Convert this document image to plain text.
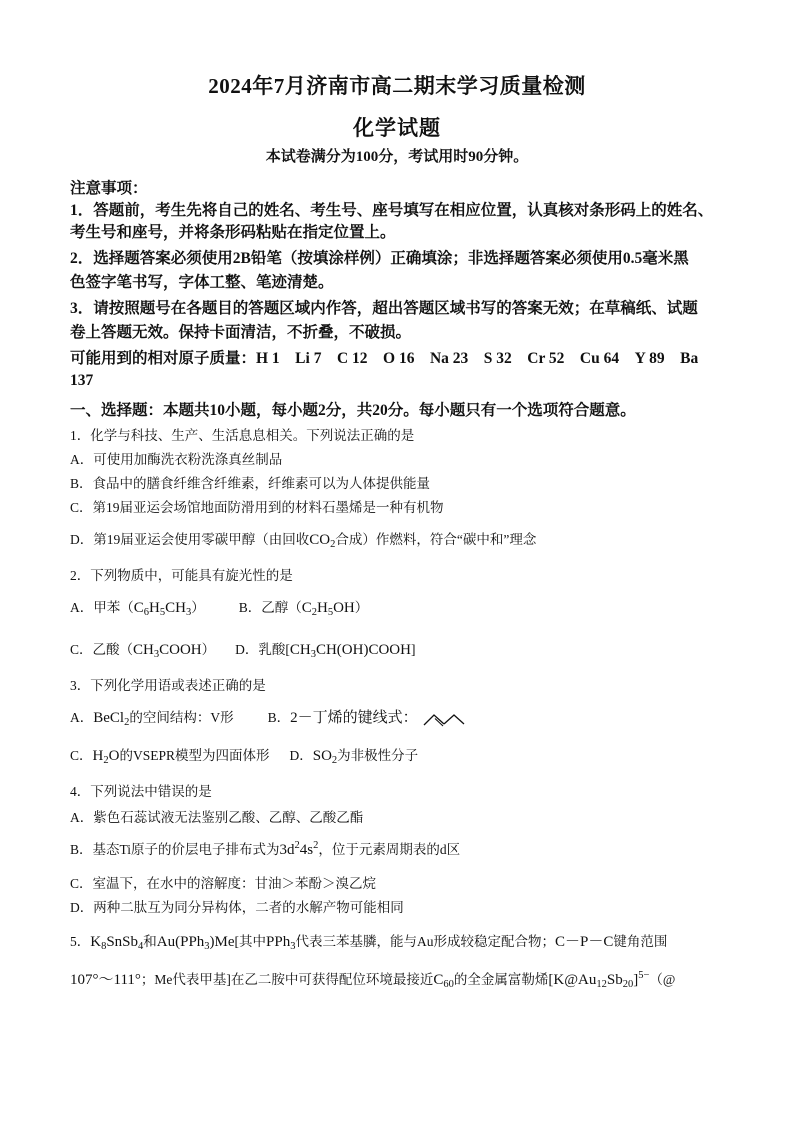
2024年7月济南市高二期末学习质量检测
化学试题
本试卷满分为100分，考试用时90分钟。
注意事项：
1．答题前，考生先将自己的姓名、考生号、座号填写在相应位置，认真核对条形码上的姓名、
考生号和座号，并将条形码粘贴在指定位置上。
2．选择题答案必须使用2B铅笔（按填涂样例）正确填涂；非选择题答案必须使用0.5毫米黑
色签字笔书写，字体工整、笔迹清楚。
3．请按照题号在各题目的答题区域内作答，超出答题区域书写的答案无效；在草稿纸、试题
卷上答题无效。保持卡面清洁，不折叠，不破损。
可能用到的相对原子质量：H 1　Li 7　C 12　O 16　Na 23　S 32　Cr 52　Cu 64　Y 89　Ba
137
一、选择题：本题共10小题，每小题2分，共20分。每小题只有一个选项符合题意。
1．化学与科技、生产、生活息息相关。下列说法正确的是
A．可使用加酶洗衣粉洗涤真丝制品
B．食品中的膳食纤维含纤维素，纤维素可以为人体提供能量
C．第19届亚运会场馆地面防滑用到的材料石墨烯是一种有机物
D．第19届亚运会使用零碳甲醇（由回收$CO_2$合成）作燃料，符合“碳中和”理念
2．下列物质中，可能具有旋光性的是
A．甲苯$(C_6H_5CH_3)$	B．乙醇$(C_2H_5OH)$
C．乙酸$(CH_3COOH)$ D．乳酸$[CH_3CH(OH)COOH]$
3．下列化学用语或表述正确的是
A．BeCl$_2$的空间结构：V形	B．2－丁烯的键线式：
C．$H_2O$的VSEPR模型为四面体形 D．$SO_2$为非极性分子
4．下列说法中错误的是
A．紫色石蕊试液无法鉴别乙酸、乙醇、乙酸乙酯
B．基态Ti原子的价层电子排布式为$3d^24s^2$，位于元素周期表的d区
C．室温下，在水中的溶解度：甘油＞苯酚＞溴乙烷
D．两种二肽互为同分异构体，二者的水解产物可能相同
5．$K_8SnSb_4$和Au(PPh$_3$)Me[其中PPh$_3$代表三苯基膦，能与Au形成较稳定配合物；C－P－C键角范围
107°～111°；Me代表甲基]在乙二胺中可获得配位环境最接近$C_{60}$的全金属富勒烯$[K@Au_{12}Sb_{20}]^{5-}(@$
